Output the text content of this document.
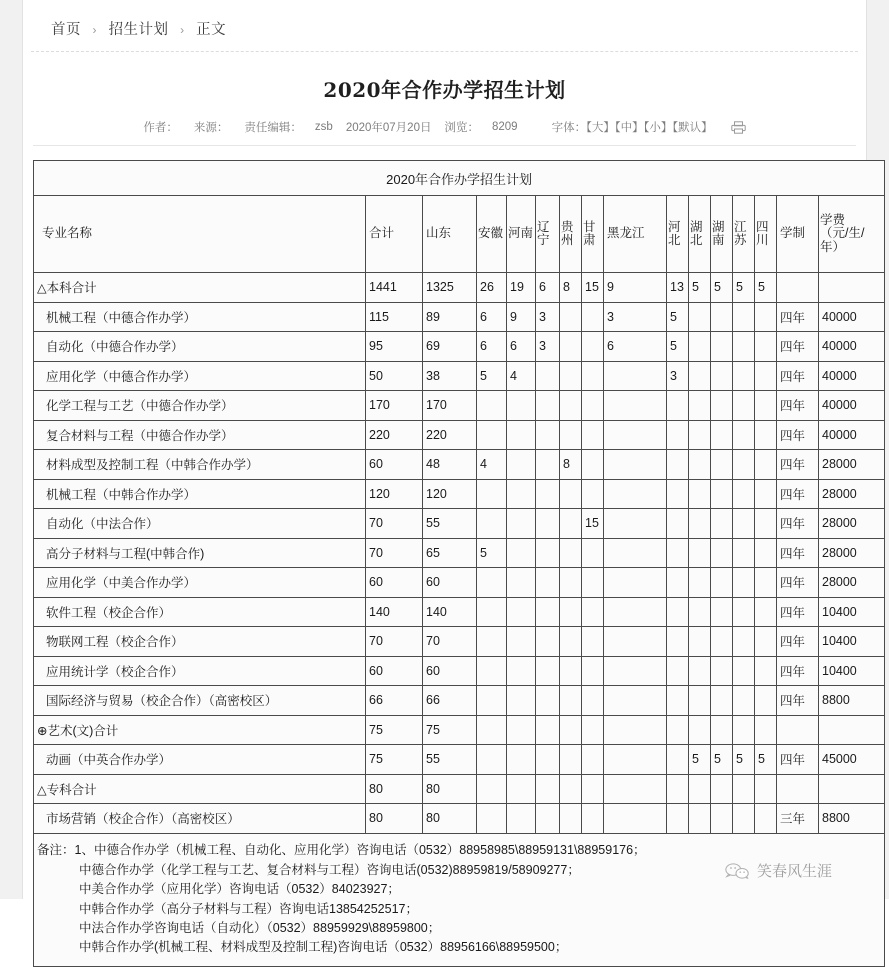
首页 › 招生计划 › 正文
2020年合作办学招生计划
作者： 来源： 责任编辑： zsb 2020年07月20日 浏览： 8209	字体：【大】【中】【小】【默认】
2020年合作办学招生计划															
专业名称	合计	山东	安徽	河南	辽宁	贵州	甘肃	黑龙江	河北	湖北	湖南	江苏	四川	学制	学费
（元/生/
年）
△本科合计	1441	1325	26	19	6	8	15	9	13	5	5	5	5		
机械工程（中德合作办学）	115	89	6	9	3			3	5					四年	40000
自动化（中德合作办学）	95	69	6	6	3			6	5					四年	40000
应用化学（中德合作办学）	50	38	5	4					3					四年	40000
化学工程与工艺（中德合作办学）	170	170												四年	40000
复合材料与工程（中德合作办学）	220	220												四年	40000
材料成型及控制工程（中韩合作办学）	60	48	4			8								四年	28000
机械工程（中韩合作办学）	120	120												四年	28000
自动化（中法合作）	70	55					15							四年	28000
高分子材料与工程(中韩合作)	70	65	5											四年	28000
应用化学（中美合作办学）	60	60												四年	28000
软件工程（校企合作）	140	140												四年	10400
物联网工程（校企合作）	70	70												四年	10400
应用统计学（校企合作）	60	60												四年	10400
国际经济与贸易（校企合作）（高密校区）	66	66												四年	8800
⊕艺术(文)合计	75	75													
动画（中英合作办学）	75	55								5	5	5	5	四年	45000
△专科合计	80	80													
市场营销（校企合作）（高密校区）	80	80												三年	8800

备注：1、中德合作办学（机械工程、自动化、应用化学）咨询电话（0532）88958985\88959131\88959176；
中德合作办学（化学工程与工艺、复合材料与工程）咨询电话(0532)88959819/58909277；
中美合作办学（应用化学）咨询电话（0532）84023927；
中韩合作办学（高分子材料与工程）咨询电话13854252517；
中法合作办学咨询电话（自动化）（0532）88959929\88959800；
中韩合作办学(机械工程、材料成型及控制工程)咨询电话（0532）88956166\88959500；
笑春风生涯
